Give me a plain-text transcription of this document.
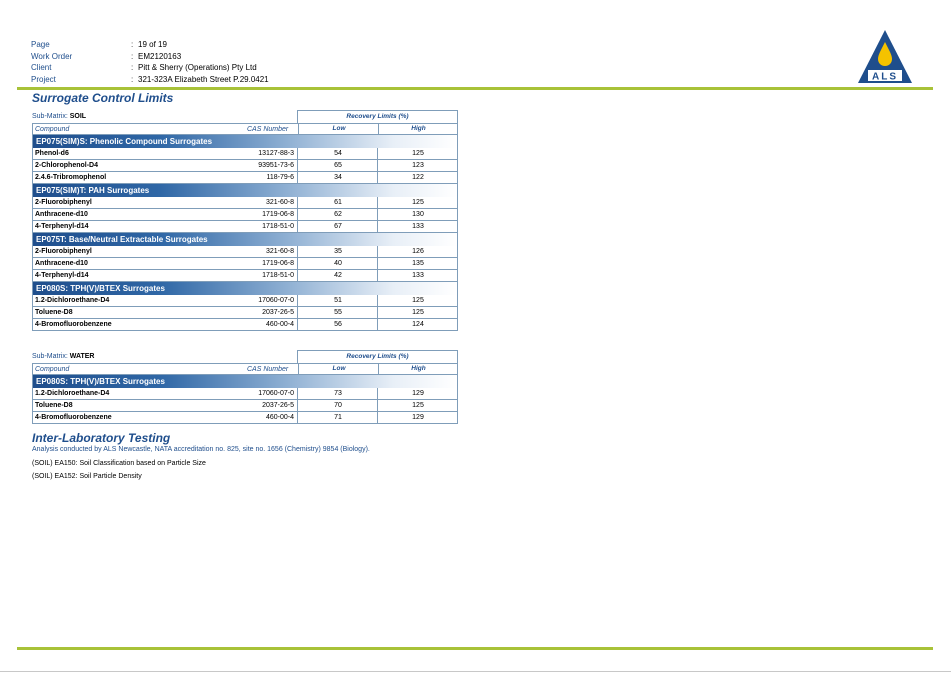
Page	: 19 of 19
Work Order	: EM2120163
Client	: Pitt & Sherry (Operations) Pty Ltd
Project	: 321-323A Elizabeth Street P.29.0421	ALS
Surrogate Control Limits
Sub-Matrix: SOIL	Recovery Limits (%)
Compound	CAS Number	Low	High
EP075(SIM)S: Phenolic Compound Surrogates
Phenol-d6	13127-88-3	54	125
2-Chlorophenol-D4	93951-73-6	65	123
2.4.6-Tribromophenol	118-79-6	34	122
EP075(SIM)T: PAH Surrogates
2-Fluorobiphenyl	321-60-8	61	125
Anthracene-d10	1719-06-8	62	130
4-Terphenyl-d14	1718-51-0	67	133
EP075T: Base/Neutral Extractable Surrogates
2-Fluorobiphenyl	321-60-8	35	126
Anthracene-d10	1719-06-8	40	135
4-Terphenyl-d14	1718-51-0	42	133
EP080S: TPH(V)/BTEX Surrogates
1.2-Dichloroethane-D4	17060-07-0	51	125
Toluene-D8	2037-26-5	55	125
4-Bromofluorobenzene	460-00-4	56	124
Sub-Matrix: WATER	Recovery Limits (%)
Compound	CAS Number	Low	High
EP080S: TPH(V)/BTEX Surrogates
1.2-Dichloroethane-D4	17060-07-0	73	129
Toluene-D8	2037-26-5	70	125
4-Bromofluorobenzene	460-00-4	71	129
Inter-Laboratory Testing
Analysis conducted by ALS Newcastle, NATA accreditation no. 825, site no. 1656 (Chemistry) 9854 (Biology).
(SOIL) EA150: Soil Classification based on Particle Size
(SOIL) EA152: Soil Particle Density
